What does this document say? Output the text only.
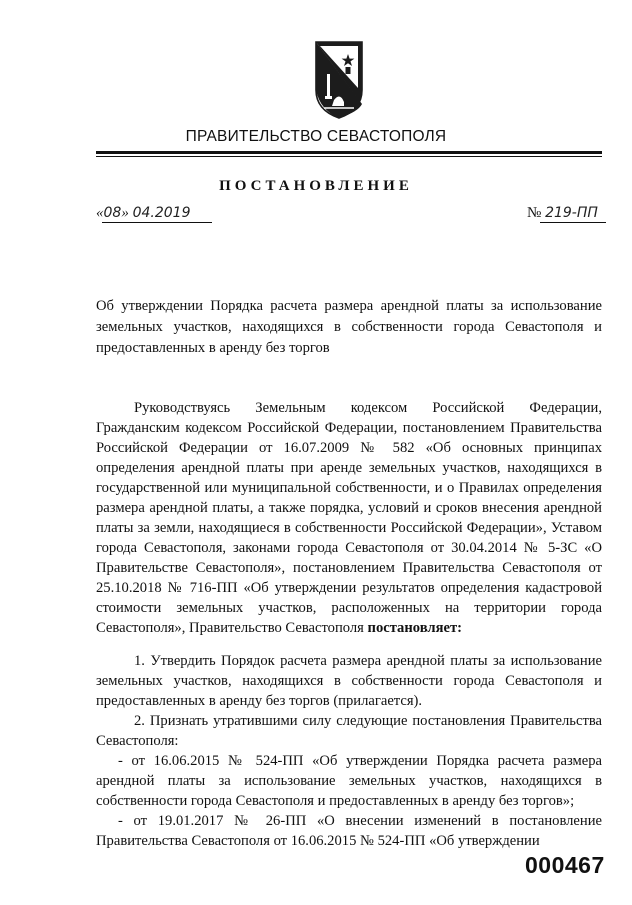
ПРАВИТЕЛЬСТВО СЕВАСТОПОЛЯ
ПОСТАНОВЛЕНИЕ
«08» 04.2019	№ 219-ПП
Об утверждении Порядка расчета размера арендной платы за использование земельных участков, находящихся в собственности города Севастополя и предоставленных в аренду без торгов

Руководствуясь Земельным кодексом Российской Федерации, Гражданским кодексом Российской Федерации, постановлением Правительства Российской Федерации от 16.07.2009 № 582 «Об основных принципах определения арендной платы при аренде земельных участков, находящихся в государственной или муниципальной собственности, и о Правилах определения размера арендной платы, а также порядка, условий и сроков внесения арендной платы за земли, находящиеся в собственности Российской Федерации», Уставом города Севастополя, законами города Севастополя от 30.04.2014 № 5-ЗС «О Правительстве Севастополя», постановлением Правительства Севастополя от 25.10.2018 № 716-ПП «Об утверждении результатов определения кадастровой стоимости земельных участков, расположенных на территории города Севастополя», Правительство Севастополя постановляет:

1. Утвердить Порядок расчета размера арендной платы за использование земельных участков, находящихся в собственности города Севастополя и предоставленных в аренду без торгов (прилагается).

2. Признать утратившими силу следующие постановления Правительства Севастополя:

- от 16.06.2015 № 524-ПП «Об утверждении Порядка расчета размера арендной платы за использование земельных участков, находящихся в собственности города Севастополя и предоставленных в аренду без торгов»;

- от 19.01.2017 № 26-ПП «О внесении изменений в постановление Правительства Севастополя от 16.06.2015 № 524-ПП «Об утверждении

000467
